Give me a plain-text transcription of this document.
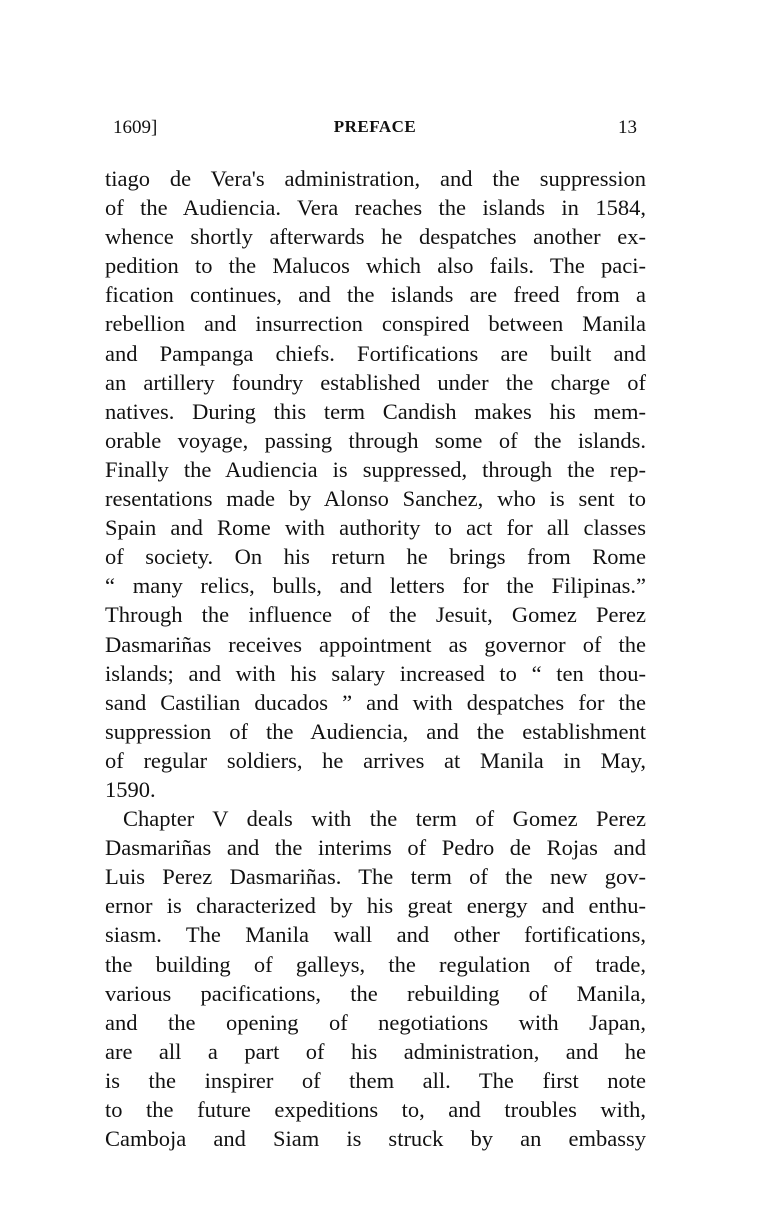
1609]	PREFACE	13
tiago de Vera's administration, and the suppression
of the Audiencia. Vera reaches the islands in 1584,
whence shortly afterwards he despatches another ex-
pedition to the Malucos which also fails. The paci-
fication continues, and the islands are freed from a
rebellion and insurrection conspired between Manila
and Pampanga chiefs. Fortifications are built and
an artillery foundry established under the charge of
natives. During this term Candish makes his mem-
orable voyage, passing through some of the islands.
Finally the Audiencia is suppressed, through the rep-
resentations made by Alonso Sanchez, who is sent to
Spain and Rome with authority to act for all classes
of society. On his return he brings from Rome
“ many relics, bulls, and letters for the Filipinas.”
Through the influence of the Jesuit, Gomez Perez
Dasmariñas receives appointment as governor of the
islands; and with his salary increased to “ ten thou-
sand Castilian ducados ” and with despatches for the
suppression of the Audiencia, and the establishment
of regular soldiers, he arrives at Manila in May,
1590.
Chapter V deals with the term of Gomez Perez
Dasmariñas and the interims of Pedro de Rojas and
Luis Perez Dasmariñas. The term of the new gov-
ernor is characterized by his great energy and enthu-
siasm. The Manila wall and other fortifications,
the building of galleys, the regulation of trade,
various pacifications, the rebuilding of Manila,
and the opening of negotiations with Japan,
are all a part of his administration, and he
is the inspirer of them all. The first note
to the future expeditions to, and troubles with,
Camboja and Siam is struck by an embassy
